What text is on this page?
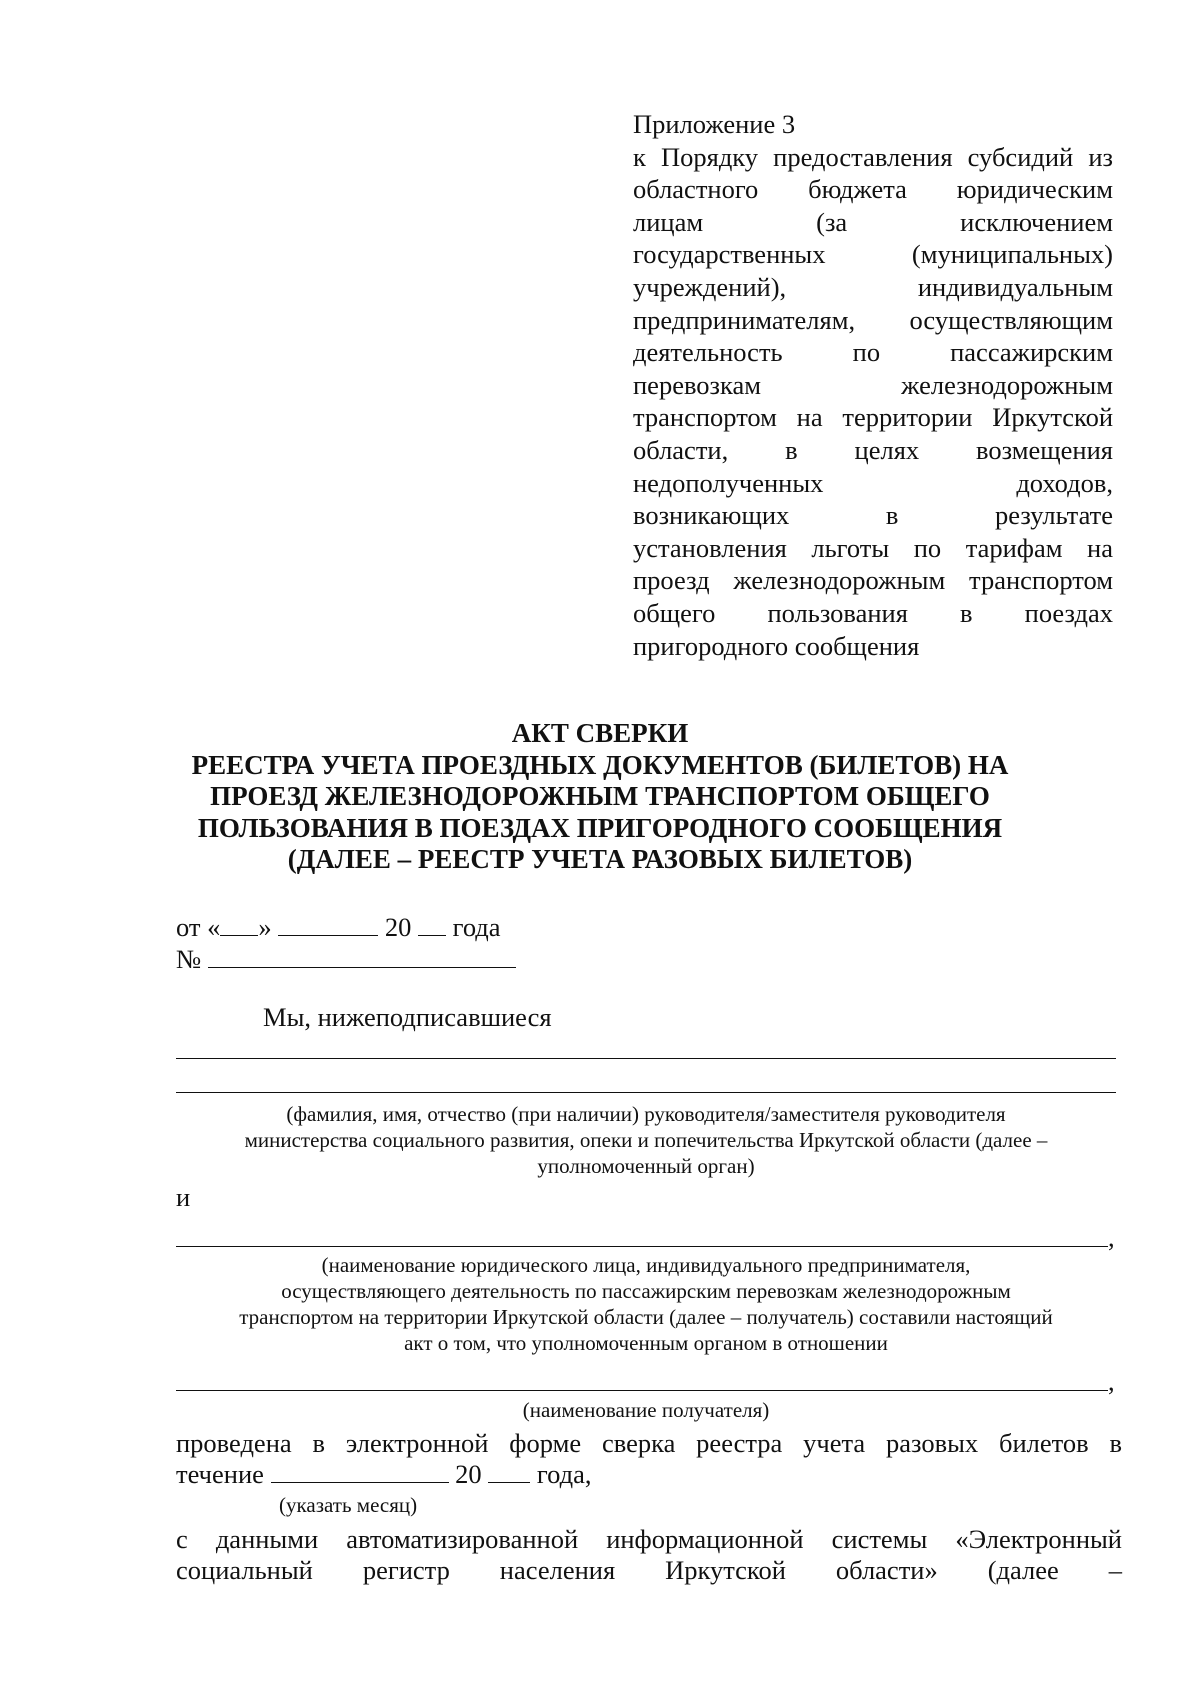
Приложение 3
к Порядку предоставления субсидий из
областного бюджета юридическим
лицам (за исключением
государственных (муниципальных)
учреждений), индивидуальным
предпринимателям, осуществляющим
деятельность по пассажирским
перевозкам железнодорожным
транспортом на территории Иркутской
области, в целях возмещения
недополученных доходов,
возникающих в результате
установления льготы по тарифам на
проезд железнодорожным транспортом
общего пользования в поездах
пригородного сообщения
АКТ СВЕРКИ
РЕЕСТРА УЧЕТА ПРОЕЗДНЫХ ДОКУМЕНТОВ (БИЛЕТОВ) НА
ПРОЕЗД ЖЕЛЕЗНОДОРОЖНЫМ ТРАНСПОРТОМ ОБЩЕГО
ПОЛЬЗОВАНИЯ В ПОЕЗДАХ ПРИГОРОДНОГО СООБЩЕНИЯ
(ДАЛЕЕ – РЕЕСТР УЧЕТА РАЗОВЫХ БИЛЕТОВ)
от « »	20 года
№
Мы, нижеподписавшиеся
(фамилия, имя, отчество (при наличии) руководителя/заместителя руководителя
министерства социального развития, опеки и попечительства Иркутской области (далее –
уполномоченный орган)
и
,
(наименование юридического лица, индивидуального предпринимателя,
осуществляющего деятельность по пассажирским перевозкам железнодорожным
транспортом на территории Иркутской области (далее – получатель) составили настоящий
акт о том, что уполномоченным органом в отношении
,
(наименование получателя)
проведена в электронной форме сверка реестра учета разовых билетов в
течение	20 года,
(указать месяц)
с данными автоматизированной информационной системы «Электронный
социальный регистр населения Иркутской области» (далее –
